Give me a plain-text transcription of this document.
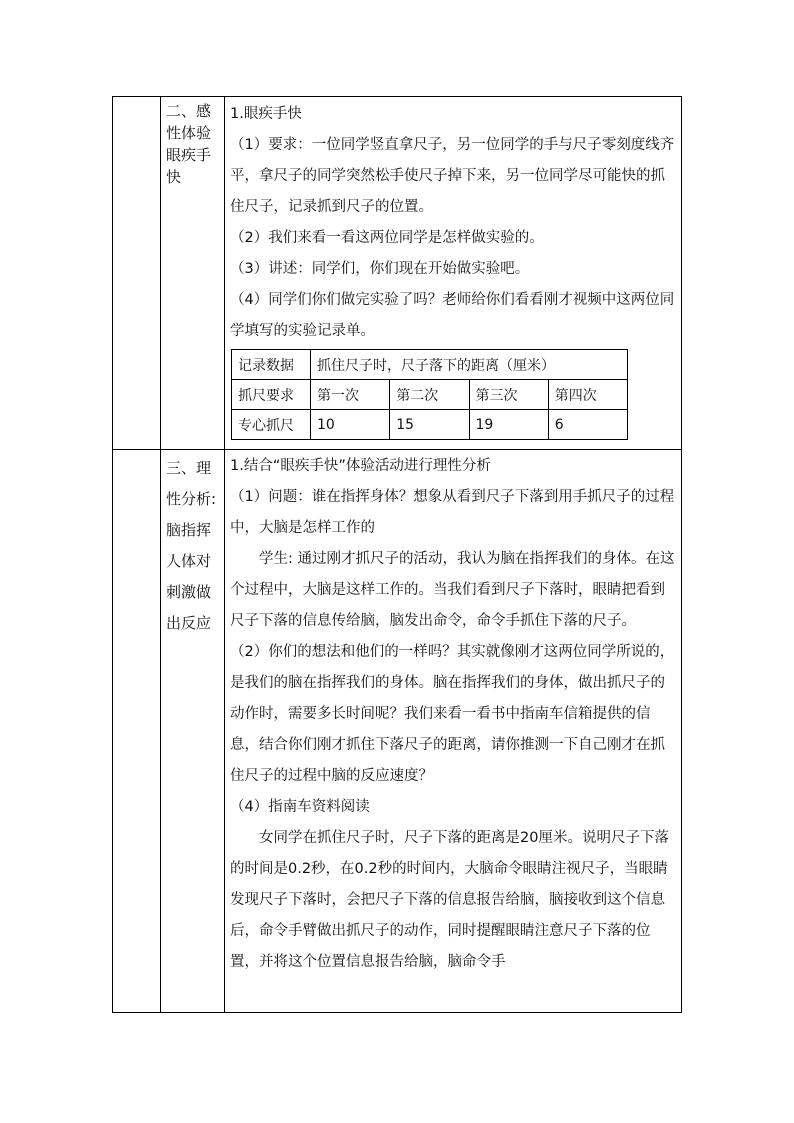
二、感
性体验
眼疾手
快

1.眼疾手快

（1）要求：一位同学竖直拿尺子，另一位同学的手与尺子零刻度线齐平，拿尺子的同学突然松手使尺子掉下来，另一位同学尽可能快的抓住尺子，记录抓到尺子的位置。

（2）我们来看一看这两位同学是怎样做实验的。

（3）讲述：同学们，你们现在开始做实验吧。

（4）同学们你们做完实验了吗？老师给你们看看刚才视频中这两位同学填写的实验记录单。

记录数据	抓住尺子时，尺子落下的距离（厘米）			
抓尺要求	第一次	第二次	第三次	第四次
专心抓尺	10	15	19	6
三、理
性分析:
脑指挥
人体对
刺激做
出反应

1.结合“眼疾手快”体验活动进行理性分析

（1）问题：谁在指挥身体？想象从看到尺子下落到用手抓尺子的过程中，大脑是怎样工作的

学生: 通过刚才抓尺子的活动，我认为脑在指挥我们的身体。在这个过程中，大脑是这样工作的。当我们看到尺子下落时，眼睛把看到尺子下落的信息传给脑，脑发出命令，命令手抓住下落的尺子。

（2）你们的想法和他们的一样吗？其实就像刚才这两位同学所说的，是我们的脑在指挥我们的身体。脑在指挥我们的身体，做出抓尺子的动作时，需要多长时间呢？我们来看一看书中指南车信箱提供的信息，结合你们刚才抓住下落尺子的距离，请你推测一下自己刚才在抓住尺子的过程中脑的反应速度？

（4）指南车资料阅读

女同学在抓住尺子时，尺子下落的距离是20厘米。说明尺子下落的时间是0.2秒，在0.2秒的时间内，大脑命令眼睛注视尺子，当眼睛发现尺子下落时，会把尺子下落的信息报告给脑，脑接收到这个信息后，命令手臂做出抓尺子的动作，同时提醒眼睛注意尺子下落的位置，并将这个位置信息报告给脑，脑命令手
